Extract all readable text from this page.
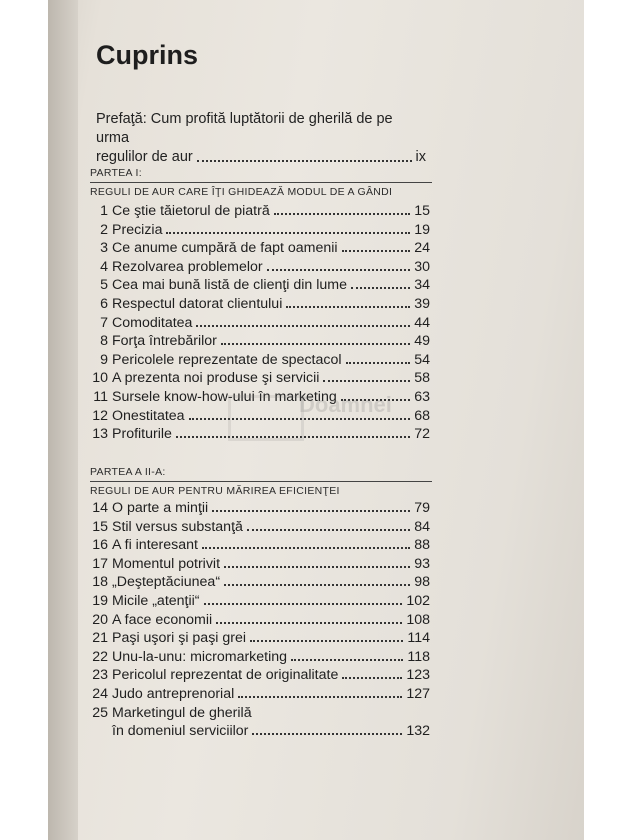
Cuprins
Prefaţă: Cum profită luptătorii de gherilă de pe urma
regulilor de aur	ix
PARTEA I:
REGULI DE AUR CARE ÎŢI GHIDEAZĂ MODUL DE A GÂNDI
1 Ce ştie tăietorul de piatră	15
2 Precizia	19
3 Ce anume cumpără de fapt oamenii	24
4 Rezolvarea problemelor	30
5 Cea mai bună listă de clienţi din lume	34
6 Respectul datorat clientului	39
7 Comoditatea	44
8 Forţa întrebărilor	49
9 Pericolele reprezentate de spectacol	54
10 A prezenta noi produse şi servicii	58
11 Sursele know-how-ului în marketing	63
12 Onestitatea	68
13 Profiturile	72
Doamnei
PARTEA A II-A:
REGULI DE AUR PENTRU MĂRIREA EFICIENŢEI
14 O parte a minţii	79
15 Stil versus substanţă	84
16 A fi interesant	88
17 Momentul potrivit	93
18 „Deşteptăciunea“	98
19 Micile „atenţii“	102
20 A face economii	108
21 Paşi uşori şi paşi grei	114
22 Unu-la-unu: micromarketing	118
23 Pericolul reprezentat de originalitate	123
24 Judo antreprenorial	127
25 Marketingul de gherilă
în domeniul serviciilor	132
